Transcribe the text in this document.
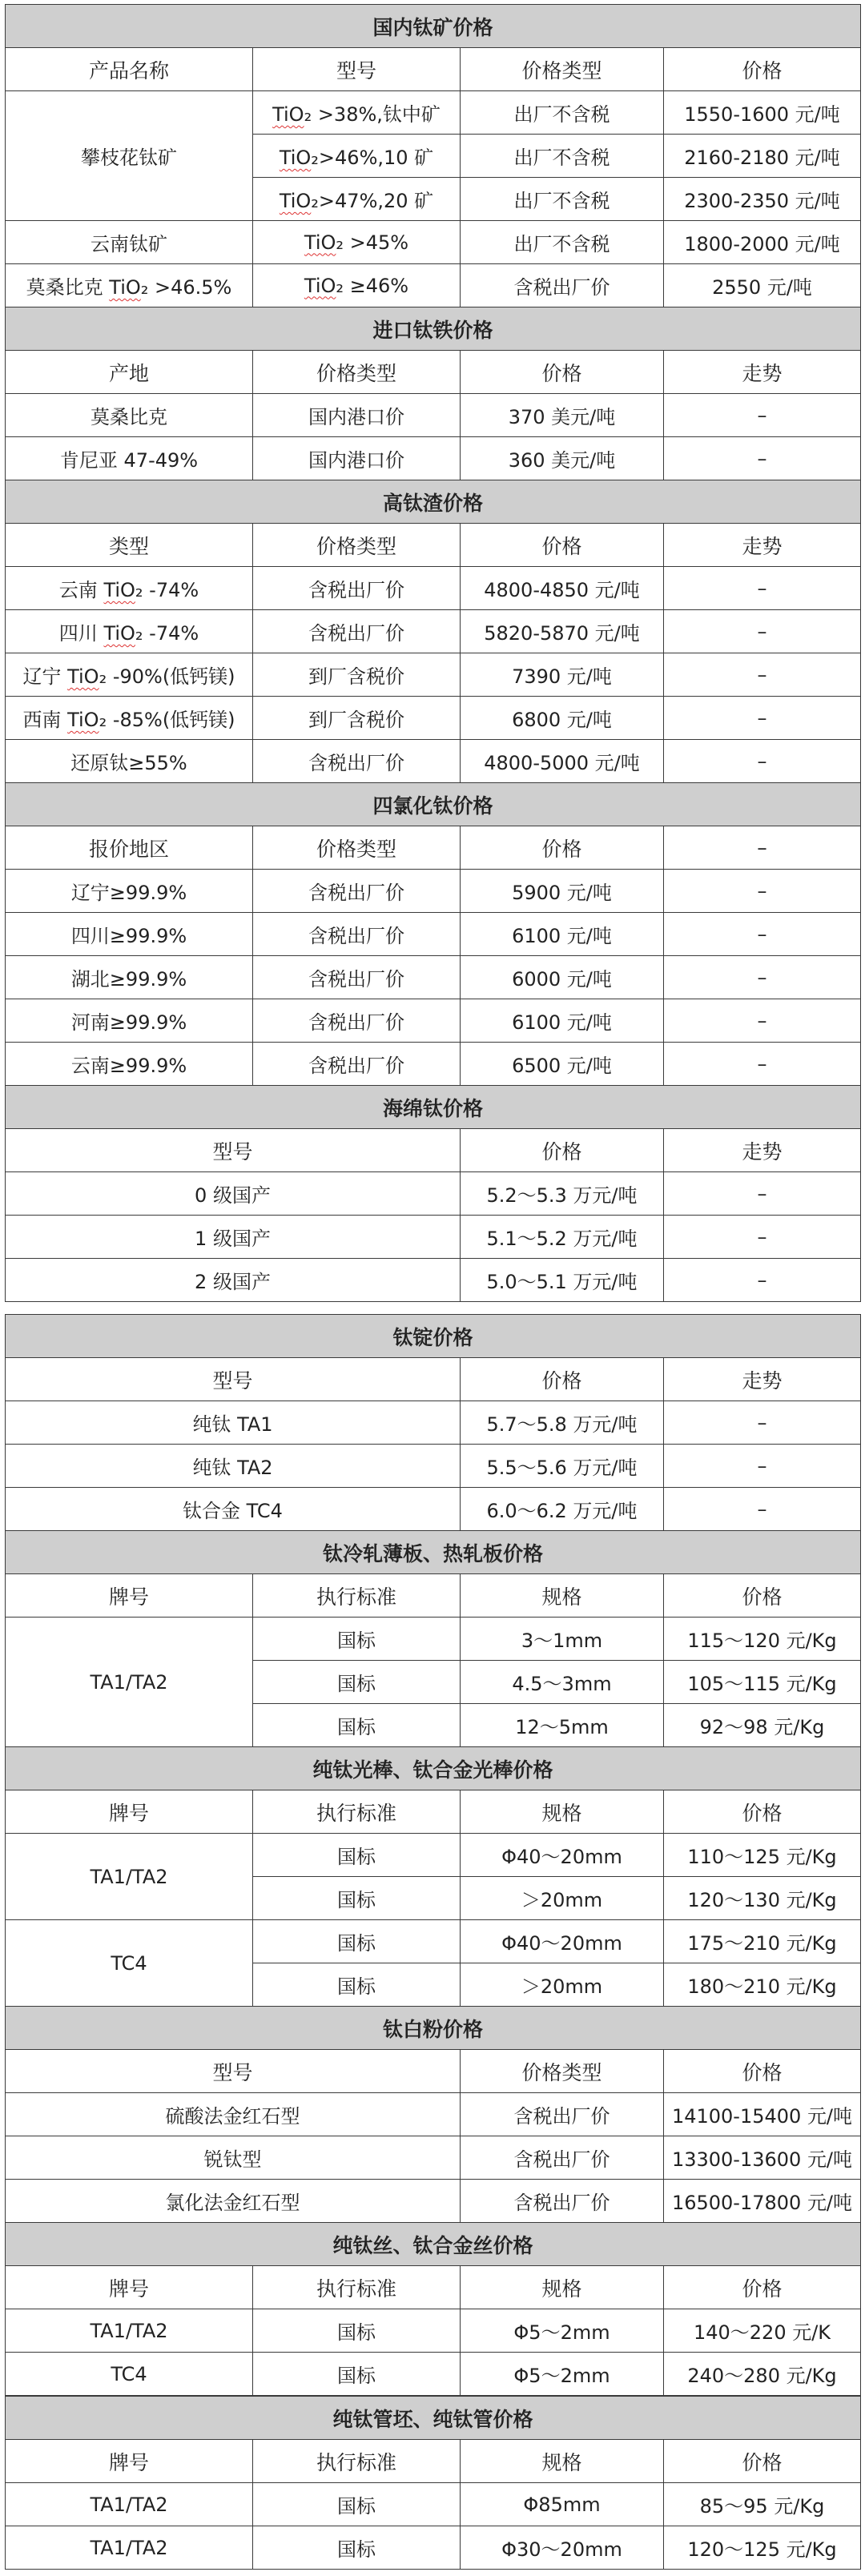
国内钛矿价格			
产品名称	型号	价格类型	价格
攀枝花钛矿	TiO₂ >38%,钛中矿	出厂不含税	1550-1600 元/吨
	TiO₂>46%,10 矿	出厂不含税	2160-2180 元/吨
	TiO₂>47%,20 矿	出厂不含税	2300-2350 元/吨
云南钛矿	TiO₂ >45%	出厂不含税	1800-2000 元/吨
莫桑比克 TiO₂ >46.5%	TiO₂ ≥46%	含税出厂价	2550 元/吨
进口钛铁价格			
产地	价格类型	价格	走势
莫桑比克	国内港口价	370 美元/吨	–
肯尼亚 47-49%	国内港口价	360 美元/吨	–
高钛渣价格			
类型	价格类型	价格	走势
云南 TiO₂ -74%	含税出厂价	4800-4850 元/吨	–
四川 TiO₂ -74%	含税出厂价	5820-5870 元/吨	–
辽宁 TiO₂ -90%(低钙镁)	到厂含税价	7390 元/吨	–
西南 TiO₂ -85%(低钙镁)	到厂含税价	6800 元/吨	–
还原钛≥55%	含税出厂价	4800-5000 元/吨	–
四氯化钛价格			
报价地区	价格类型	价格	–
辽宁≥99.9%	含税出厂价	5900 元/吨	–
四川≥99.9%	含税出厂价	6100 元/吨	–
湖北≥99.9%	含税出厂价	6000 元/吨	–
河南≥99.9%	含税出厂价	6100 元/吨	–
云南≥99.9%	含税出厂价	6500 元/吨	–
海绵钛价格		
型号	价格	走势
0 级国产	5.2～5.3 万元/吨	–
1 级国产	5.1～5.2 万元/吨	–
2 级国产	5.0～5.1 万元/吨	–
钛锭价格		
型号	价格	走势
纯钛 TA1	5.7～5.8 万元/吨	–
纯钛 TA2	5.5～5.6 万元/吨	–
钛合金 TC4	6.0～6.2 万元/吨	–
钛冷轧薄板、热轧板价格			
牌号	执行标准	规格	价格
TA1/TA2	国标	3～1mm	115～120 元/Kg
	国标	4.5～3mm	105～115 元/Kg
	国标	12～5mm	92～98 元/Kg
纯钛光棒、钛合金光棒价格			
牌号	执行标准	规格	价格
TA1/TA2	国标	Φ40～20mm	110～125 元/Kg
	国标	＞20mm	120～130 元/Kg
TC4	国标	Φ40～20mm	175～210 元/Kg
	国标	＞20mm	180～210 元/Kg
钛白粉价格		
型号	价格类型	价格
硫酸法金红石型	含税出厂价	14100-15400 元/吨
锐钛型	含税出厂价	13300-13600 元/吨
氯化法金红石型	含税出厂价	16500-17800 元/吨
纯钛丝、钛合金丝价格			
牌号	执行标准	规格	价格
TA1/TA2	国标	Φ5～2mm	140～220 元/K
TC4	国标	Φ5～2mm	240～280 元/Kg
纯钛管坯、纯钛管价格			
牌号	执行标准	规格	价格
TA1/TA2	国标	Φ85mm	85～95 元/Kg
TA1/TA2	国标	Φ30～20mm	120～125 元/Kg
